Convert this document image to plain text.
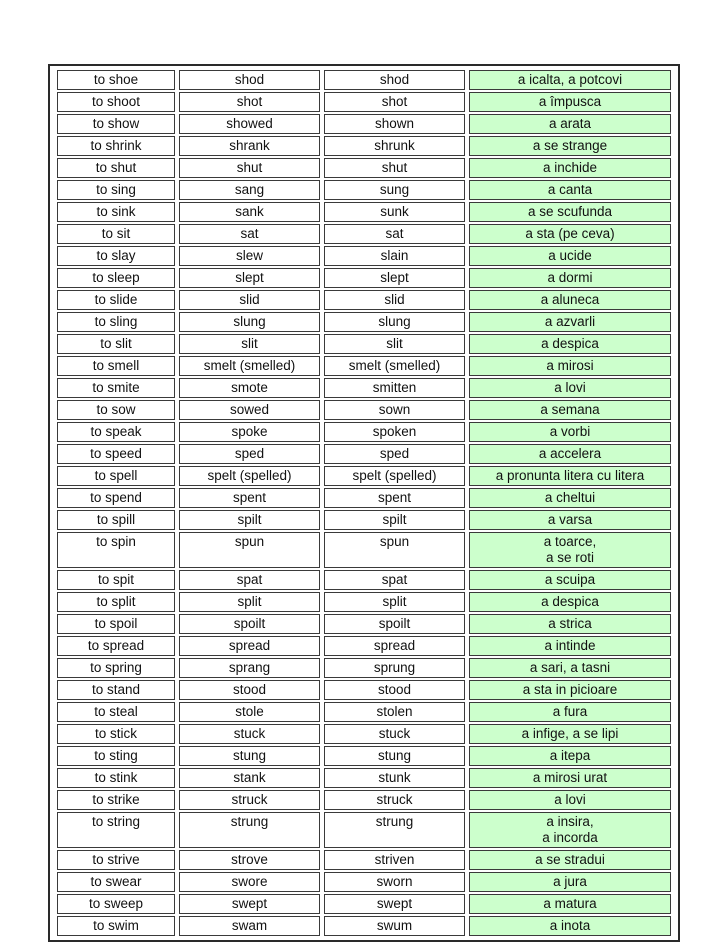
to shoe	shod	shod	a icalta, a potcovi
to shoot	shot	shot	a împusca
to show	showed	shown	a arata
to shrink	shrank	shrunk	a se strange
to shut	shut	shut	a inchide
to sing	sang	sung	a canta
to sink	sank	sunk	a se scufunda
to sit	sat	sat	a sta (pe ceva)
to slay	slew	slain	a ucide
to sleep	slept	slept	a dormi
to slide	slid	slid	a aluneca
to sling	slung	slung	a azvarli
to slit	slit	slit	a despica
to smell	smelt (smelled)	smelt (smelled)	a mirosi
to smite	smote	smitten	a lovi
to sow	sowed	sown	a semana
to speak	spoke	spoken	a vorbi
to speed	sped	sped	a accelera
to spell	spelt (spelled)	spelt (spelled)	a pronunta litera cu litera
to spend	spent	spent	a cheltui
to spill	spilt	spilt	a varsa
to spin	spun	spun	a toarce,
a se roti
to spit	spat	spat	a scuipa
to split	split	split	a despica
to spoil	spoilt	spoilt	a strica
to spread	spread	spread	a intinde
to spring	sprang	sprung	a sari, a tasni
to stand	stood	stood	a sta in picioare
to steal	stole	stolen	a fura
to stick	stuck	stuck	a infige, a se lipi
to sting	stung	stung	a itepa
to stink	stank	stunk	a mirosi urat
to strike	struck	struck	a lovi
to string	strung	strung	a insira,
a incorda
to strive	strove	striven	a se stradui
to swear	swore	sworn	a jura
to sweep	swept	swept	a matura
to swim	swam	swum	a inota
